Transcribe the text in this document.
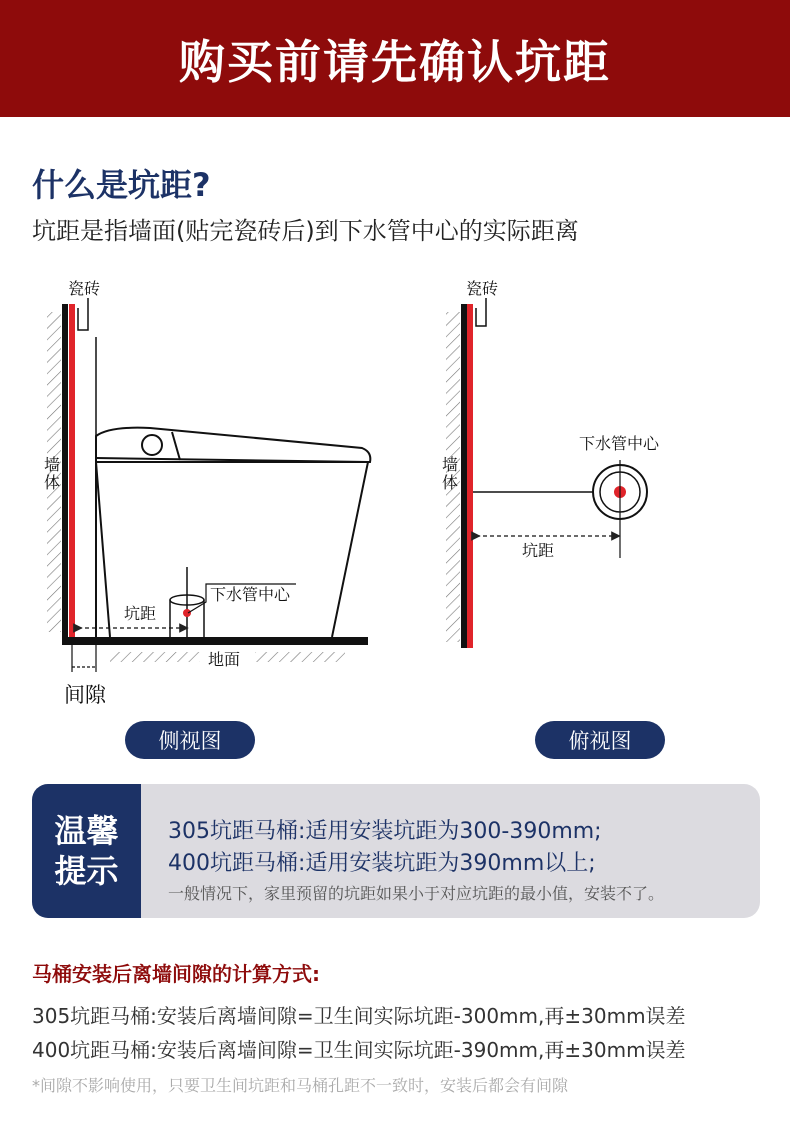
购买前请先确认坑距
什么是坑距?
坑距是指墙面(贴完瓷砖后)到下水管中心的实际距离
瓷砖
墙
体
下水管中心
坑距
地面
间隙
瓷砖
墙
体
下水管中心
坑距
侧视图	俯视图
温馨
提示
305坑距马桶:适用安装坑距为300-390mm;
400坑距马桶:适用安装坑距为390mm以上;
一般情况下，家里预留的坑距如果小于对应坑距的最小值，安装不了。
马桶安装后离墙间隙的计算方式:
305坑距马桶:安装后离墙间隙=卫生间实际坑距-300mm,再±30mm误差
400坑距马桶:安装后离墙间隙=卫生间实际坑距-390mm,再±30mm误差
*间隙不影响使用，只要卫生间坑距和马桶孔距不一致时，安装后都会有间隙
